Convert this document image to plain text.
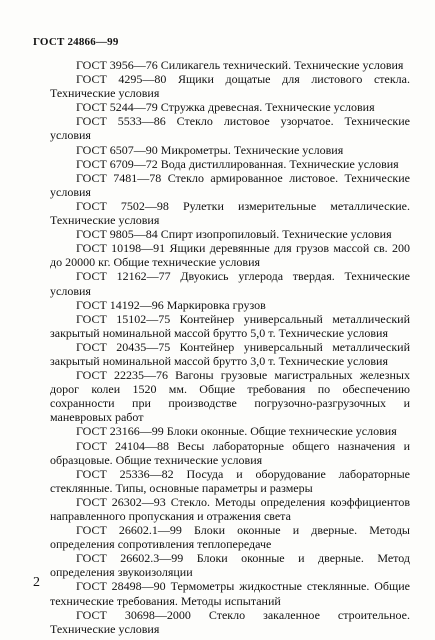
ГОСТ 24866—99

ГОСТ 3956—76 Силикагель технический. Технические условия

ГОСТ 4295—80 Ящики дощатые для листового стекла. Технические условия

ГОСТ 5244—79 Стружка древесная. Технические условия

ГОСТ 5533—86 Стекло листовое узорчатое. Технические условия

ГОСТ 6507—90 Микрометры. Технические условия

ГОСТ 6709—72 Вода дистиллированная. Технические условия

ГОСТ 7481—78 Стекло армированное листовое. Технические условия

ГОСТ 7502—98 Рулетки измерительные металлические. Технические условия

ГОСТ 9805—84 Спирт изопропиловый. Технические условия

ГОСТ 10198—91 Ящики деревянные для грузов массой св. 200 до 20000 кг. Общие технические условия

ГОСТ 12162—77 Двуокись углерода твердая. Технические условия

ГОСТ 14192—96 Маркировка грузов

ГОСТ 15102—75 Контейнер универсальный металлический закрытый номинальной массой брутто 5,0 т. Технические условия

ГОСТ 20435—75 Контейнер универсальный металлический закрытый номинальной массой брутто 3,0 т. Технические условия

ГОСТ 22235—76 Вагоны грузовые магистральных железных дорог колеи 1520 мм. Общие требования по обеспечению сохранности при производстве погрузочно-разгрузочных и маневровых работ

ГОСТ 23166—99 Блоки оконные. Общие технические условия

ГОСТ 24104—88 Весы лабораторные общего назначения и образцовые. Общие технические условия

ГОСТ 25336—82 Посуда и оборудование лабораторные стеклянные. Типы, основные параметры и размеры

ГОСТ 26302—93 Стекло. Методы определения коэффициентов направленного пропускания и отражения света

ГОСТ 26602.1—99 Блоки оконные и дверные. Методы определения сопротивления теплопередаче

ГОСТ 26602.3—99 Блоки оконные и дверные. Метод определения звукоизоляции

ГОСТ 28498—90 Термометры жидкостные стеклянные. Общие технические требования. Методы испытаний

ГОСТ 30698—2000 Стекло закаленное строительное. Технические условия

2
